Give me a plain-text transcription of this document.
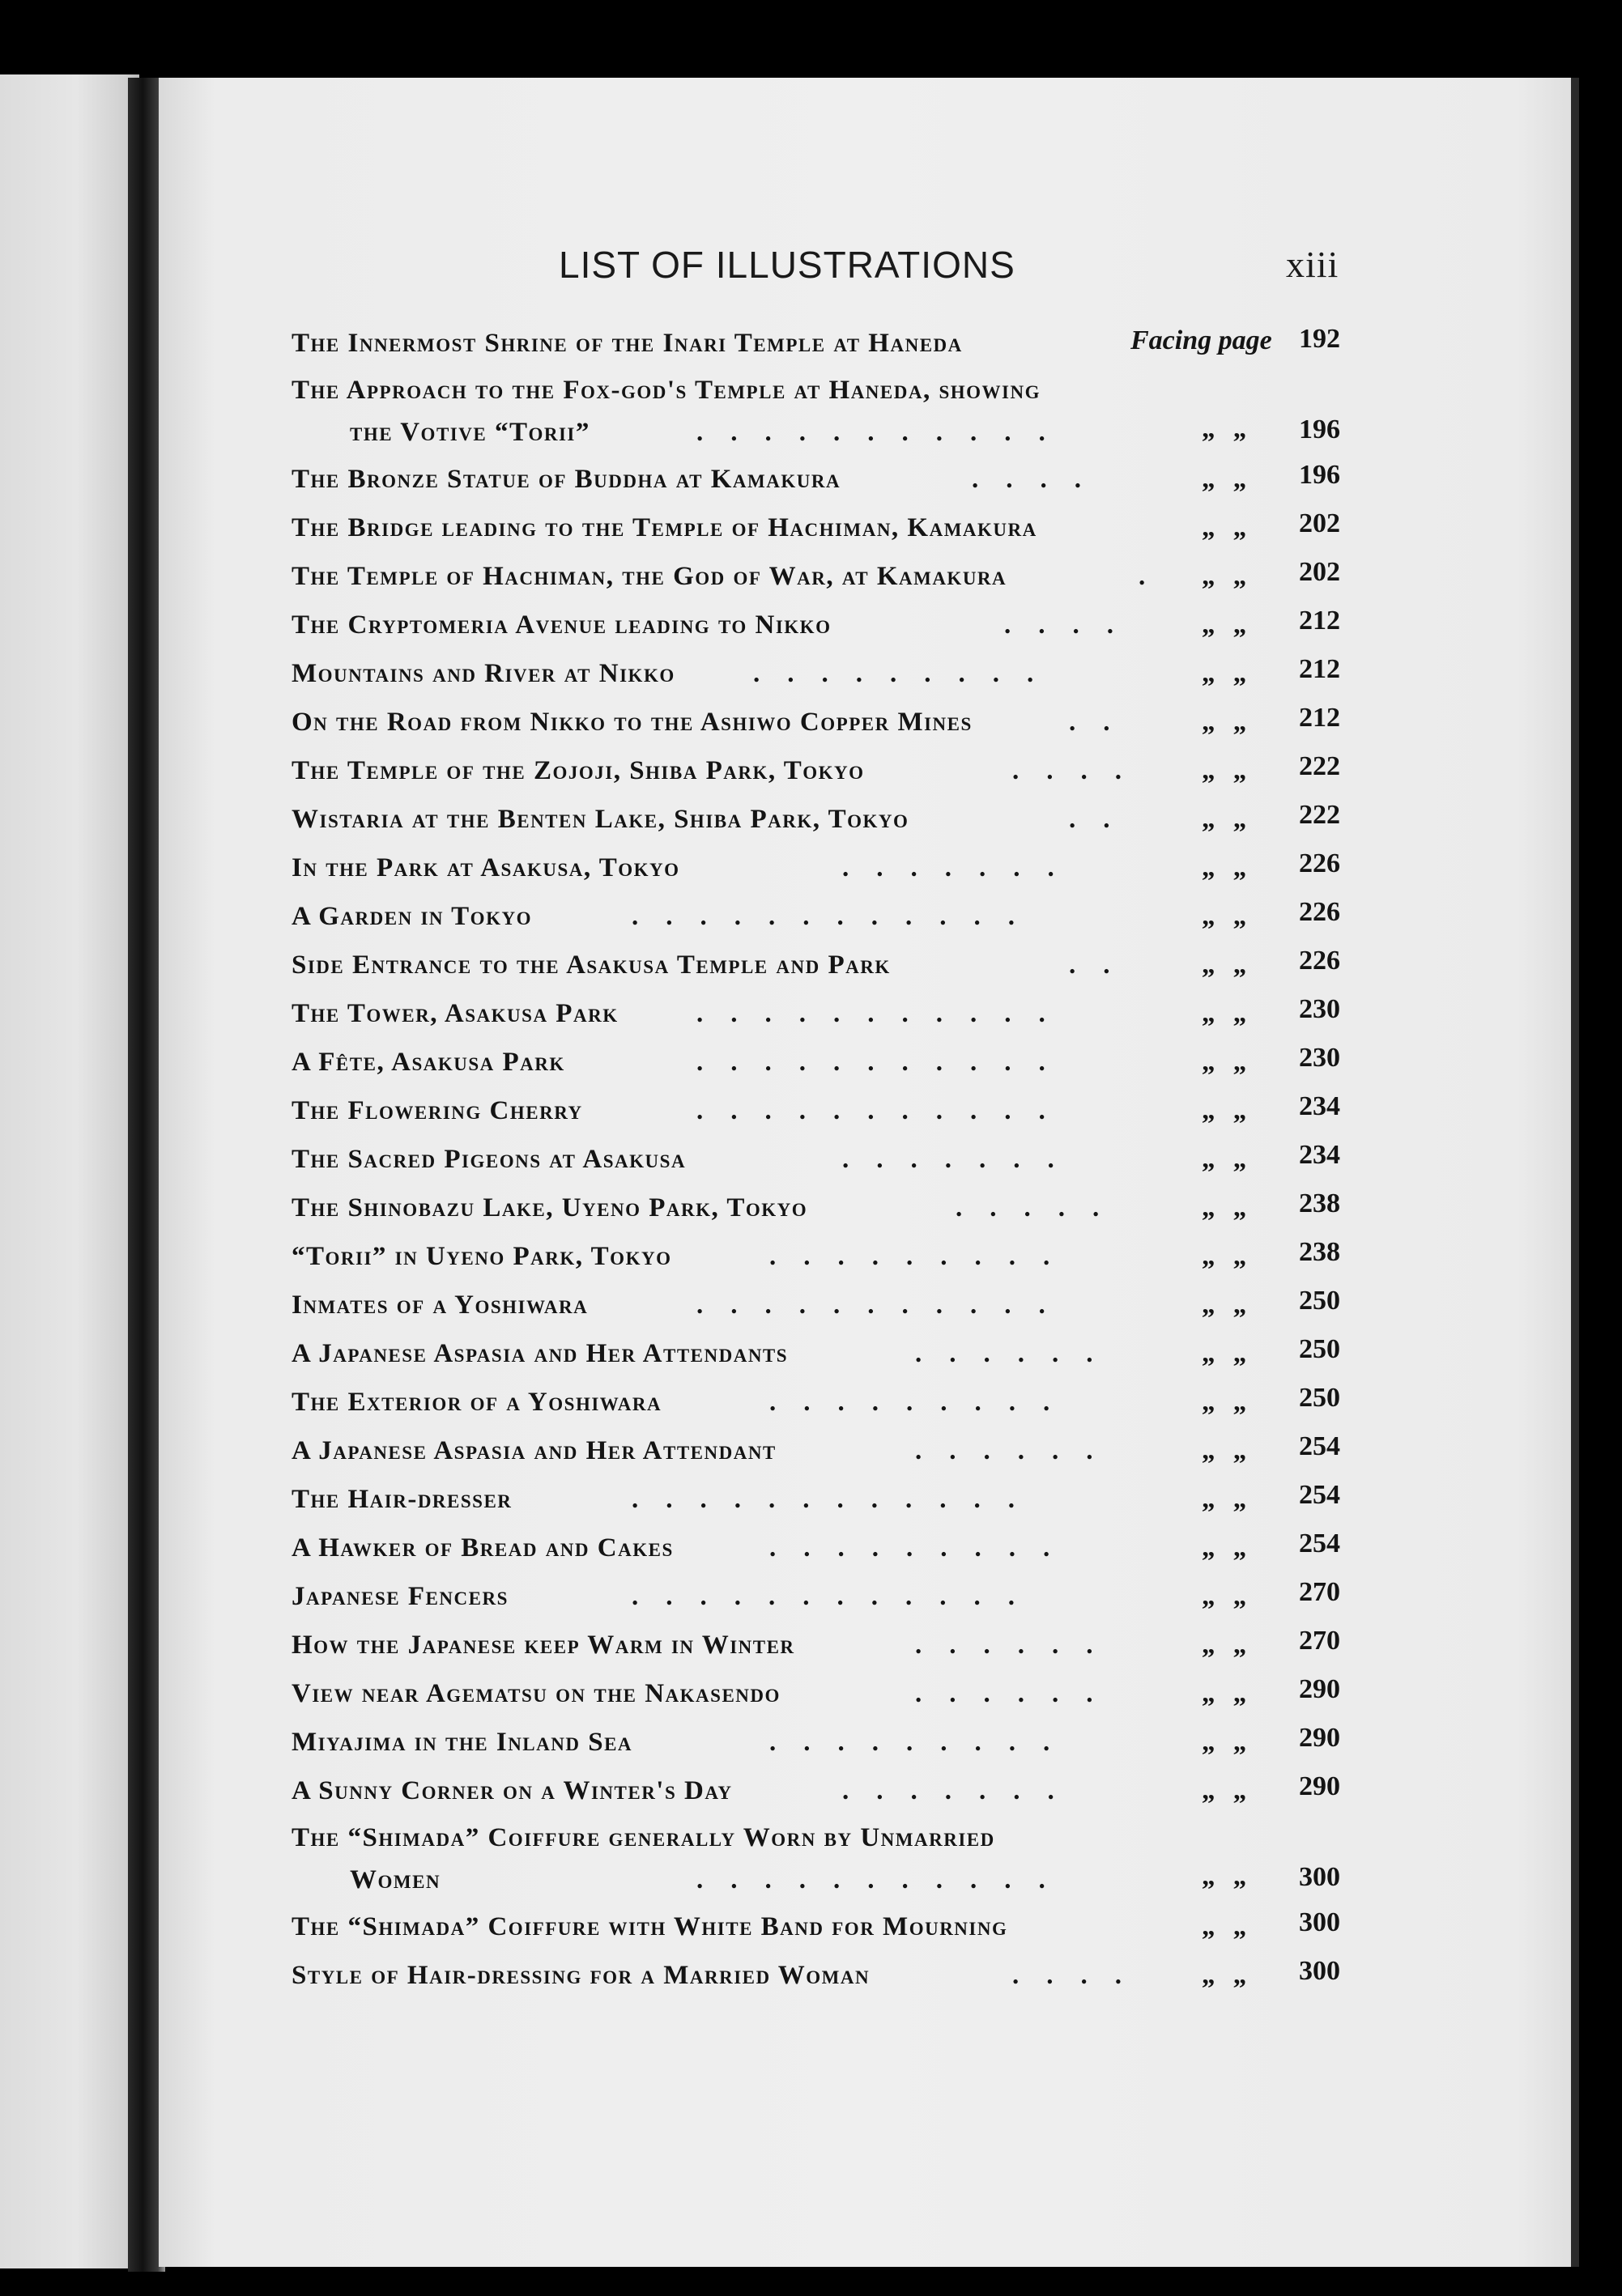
LIST OF ILLUSTRATIONS	xiii
The Innermost Shrine of the Inari Temple at Haneda	Facing page 192
The Approach to the Fox-god's Temple at Haneda, showing
the Votive “Torii”	...........	„ „ 196
The Bronze Statue of Buddha at Kamakura	....	„ „ 196
The Bridge leading to the Temple of Hachiman, Kamakura	„ „ 202
The Temple of Hachiman, the God of War, at Kamakura	. „ „ 202
The Cryptomeria Avenue leading to Nikko	....	„ „ 212
Mountains and River at Nikko	.........	„ „ 212
On the Road from Nikko to the Ashiwo Copper Mines	..	„ „ 212
The Temple of the Zojoji, Shiba Park, Tokyo	....	„ „ 222
Wistaria at the Benten Lake, Shiba Park, Tokyo	..	„ „ 222
In the Park at Asakusa, Tokyo	.......	„ „ 226
A Garden in Tokyo	............	„ „ 226
Side Entrance to the Asakusa Temple and Park	..	„ „ 226
The Tower, Asakusa Park	...........	„ „ 230
A Fête, Asakusa Park	...........	„ „ 230
The Flowering Cherry	...........	„ „ 234
The Sacred Pigeons at Asakusa	.......	„ „ 234
The Shinobazu Lake, Uyeno Park, Tokyo	.....	„ „ 238
“Torii” in Uyeno Park, Tokyo	.........	„ „ 238
Inmates of a Yoshiwara	...........	„ „ 250
A Japanese Aspasia and Her Attendants	......	„ „ 250
The Exterior of a Yoshiwara	.........	„ „ 250
A Japanese Aspasia and Her Attendant	......	„ „ 254
The Hair-dresser	............	„ „ 254
A Hawker of Bread and Cakes	.........	„ „ 254
Japanese Fencers	............	„ „ 270
How the Japanese keep Warm in Winter	......	„ „ 270
View near Agematsu on the Nakasendo	......	„ „ 290
Miyajima in the Inland Sea	.........	„ „ 290
A Sunny Corner on a Winter's Day	.......	„ „ 290
The “Shimada” Coiffure generally Worn by Unmarried
Women	...........	„ „ 300
The “Shimada” Coiffure with White Band for Mourning	„ „ 300
Style of Hair-dressing for a Married Woman	....	„ „ 300
